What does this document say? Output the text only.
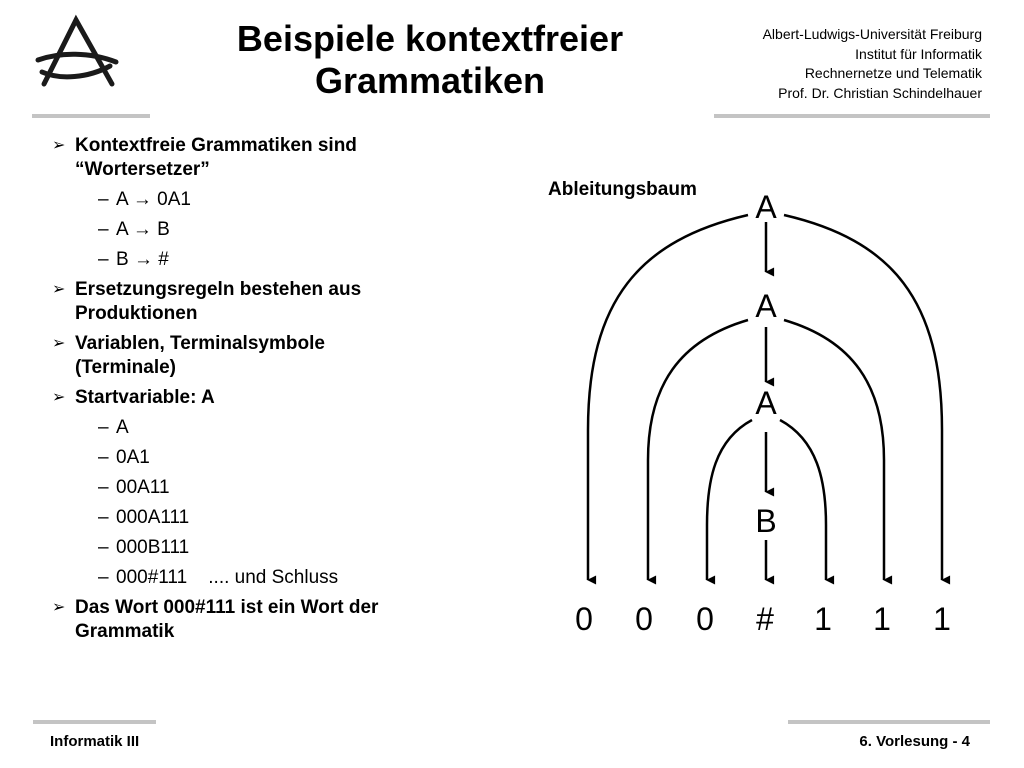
Beispiele kontextfreier
Grammatiken
Albert-Ludwigs-Universität Freiburg
Institut für Informatik
Rechnernetze und Telematik
Prof. Dr. Christian Schindelhauer
➢ Kontextfreie Grammatiken sind
“Wortersetzer”
– A → 0A1
– A → B
– B → #
➢ Ersetzungsregeln bestehen aus
Produktionen
➢ Variablen, Terminalsymbole
(Terminale)
➢ Startvariable: A
– A
– 0A1
– 00A11
– 000A111
– 000B111
– 000#111    .... und Schluss
➢ Das Wort 000#111 ist ein Wort der
Grammatik
Ableitungsbaum A
A
A
B
0 0 0 # 1 1 1
Informatik III	6. Vorlesung - 4
